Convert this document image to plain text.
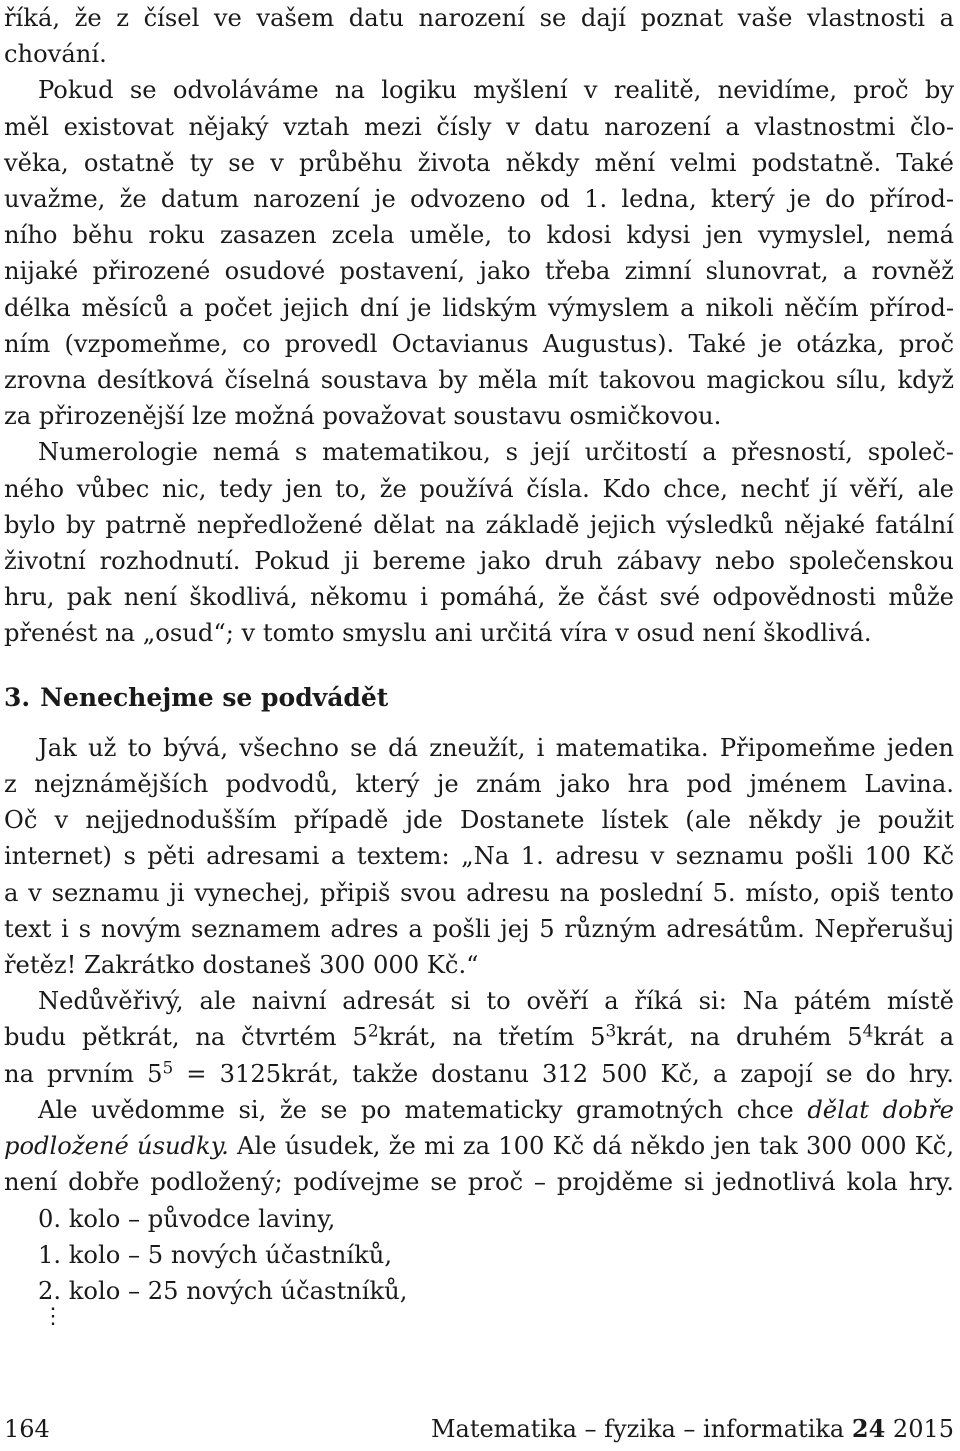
říká, že z čísel ve vašem datu narození se dají poznat vaše vlastnosti a
chování.
Pokud se odvoláváme na logiku myšlení v realitě, nevidíme, proč by
měl existovat nějaký vztah mezi čísly v datu narození a vlastnostmi člo-
věka, ostatně ty se v průběhu života někdy mění velmi podstatně. Také
uvažme, že datum narození je odvozeno od 1. ledna, který je do přírod-
ního běhu roku zasazen zcela uměle, to kdosi kdysi jen vymyslel, nemá
nijaké přirozené osudové postavení, jako třeba zimní slunovrat, a rovněž
délka měsíců a počet jejich dní je lidským výmyslem a nikoli něčím přírod-
ním (vzpomeňme, co provedl Octavianus Augustus). Také je otázka, proč
zrovna desítková číselná soustava by měla mít takovou magickou sílu, když
za přirozenější lze možná považovat soustavu osmičkovou.
Numerologie nemá s matematikou, s její určitostí a přesností, společ-
ného vůbec nic, tedy jen to, že používá čísla. Kdo chce, nechť jí věří, ale
bylo by patrně nepředložené dělat na základě jejich výsledků nějaké fatální
životní rozhodnutí. Pokud ji bereme jako druh zábavy nebo společenskou
hru, pak není škodlivá, někomu i pomáhá, že část své odpovědnosti může
přenést na „osud“; v tomto smyslu ani určitá víra v osud není škodlivá.
3. Nenechejme se podvádět
Jak už to bývá, všechno se dá zneužít, i matematika. Připomeňme jeden
z nejznámějších podvodů, který je znám jako hra pod jménem Lavina.
Oč v nejjednodušším případě jde Dostanete lístek (ale někdy je použit
internet) s pěti adresami a textem: „Na 1. adresu v seznamu pošli 100 Kč
a v seznamu ji vynechej, připiš svou adresu na poslední 5. místo, opiš tento
text i s novým seznamem adres a pošli jej 5 různým adresátům. Nepřerušuj
řetěz! Zakrátko dostaneš 300 000 Kč.“
Nedůvěřivý, ale naivní adresát si to ověří a říká si: Na pátém místě
budu pětkrát, na čtvrtém $5^2krát$, na třetím $5^3krát$, na druhém $5^4krát$ a
na prvním $5^5$ = 3125krát, takže dostanu 312 500 Kč, a zapojí se do hry.
Ale uvědomme si, že se po matematicky gramotných chce dělat dobře
podložené úsudky. Ale úsudek, že mi za 100 Kč dá někdo jen tak 300 000 Kč,
není dobře podložený; podívejme se proč – projděme si jednotlivá kola hry.
0. kolo – původce laviny,
1. kolo – 5 nových účastníků,
2. kolo – 25 nových účastníků,
⋮
164	Matematika – fyzika – informatika 24 2015
